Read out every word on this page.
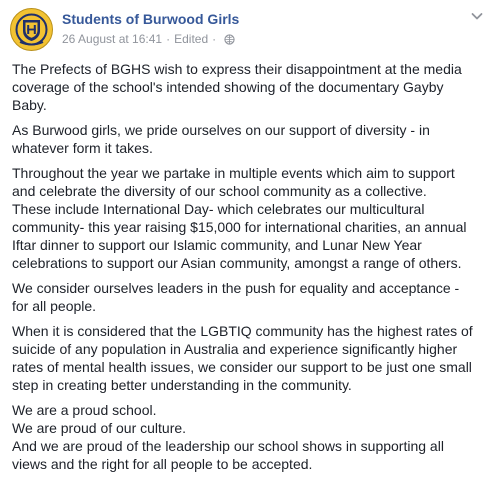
Students of Burwood Girls
26 August at 16:41 · Edited ·

The Prefects of BGHS wish to express their disappointment at the media
coverage of the school's intended showing of the documentary Gayby
Baby.

As Burwood girls, we pride ourselves on our support of diversity - in
whatever form it takes.

Throughout the year we partake in multiple events which aim to support
and celebrate the diversity of our school community as a collective.
These include International Day- which celebrates our multicultural
community- this year raising $15,000 for international charities, an annual
Iftar dinner to support our Islamic community, and Lunar New Year
celebrations to support our Asian community, amongst a range of others.

We consider ourselves leaders in the push for equality and acceptance -
for all people.

When it is considered that the LGBTIQ community has the highest rates of
suicide of any population in Australia and experience significantly higher
rates of mental health issues, we consider our support to be just one small
step in creating better understanding in the community.

We are a proud school.
We are proud of our culture.
And we are proud of the leadership our school shows in supporting all
views and the right for all people to be accepted.
